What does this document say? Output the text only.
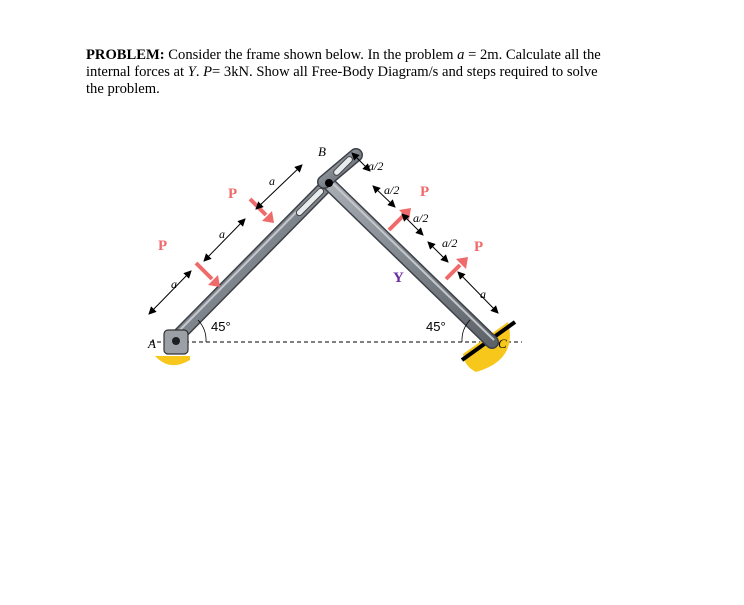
PROBLEM: Consider the frame shown below. In the problem a = 2m. Calculate all the
internal forces at Y. P= 3kN. Show all Free-Body Diagram/s and steps required to solve
the problem.
B
A	C
Y
P
P	P
P
a
a
a
a
a/2
a/2
a/2
a/2
45°	45°
